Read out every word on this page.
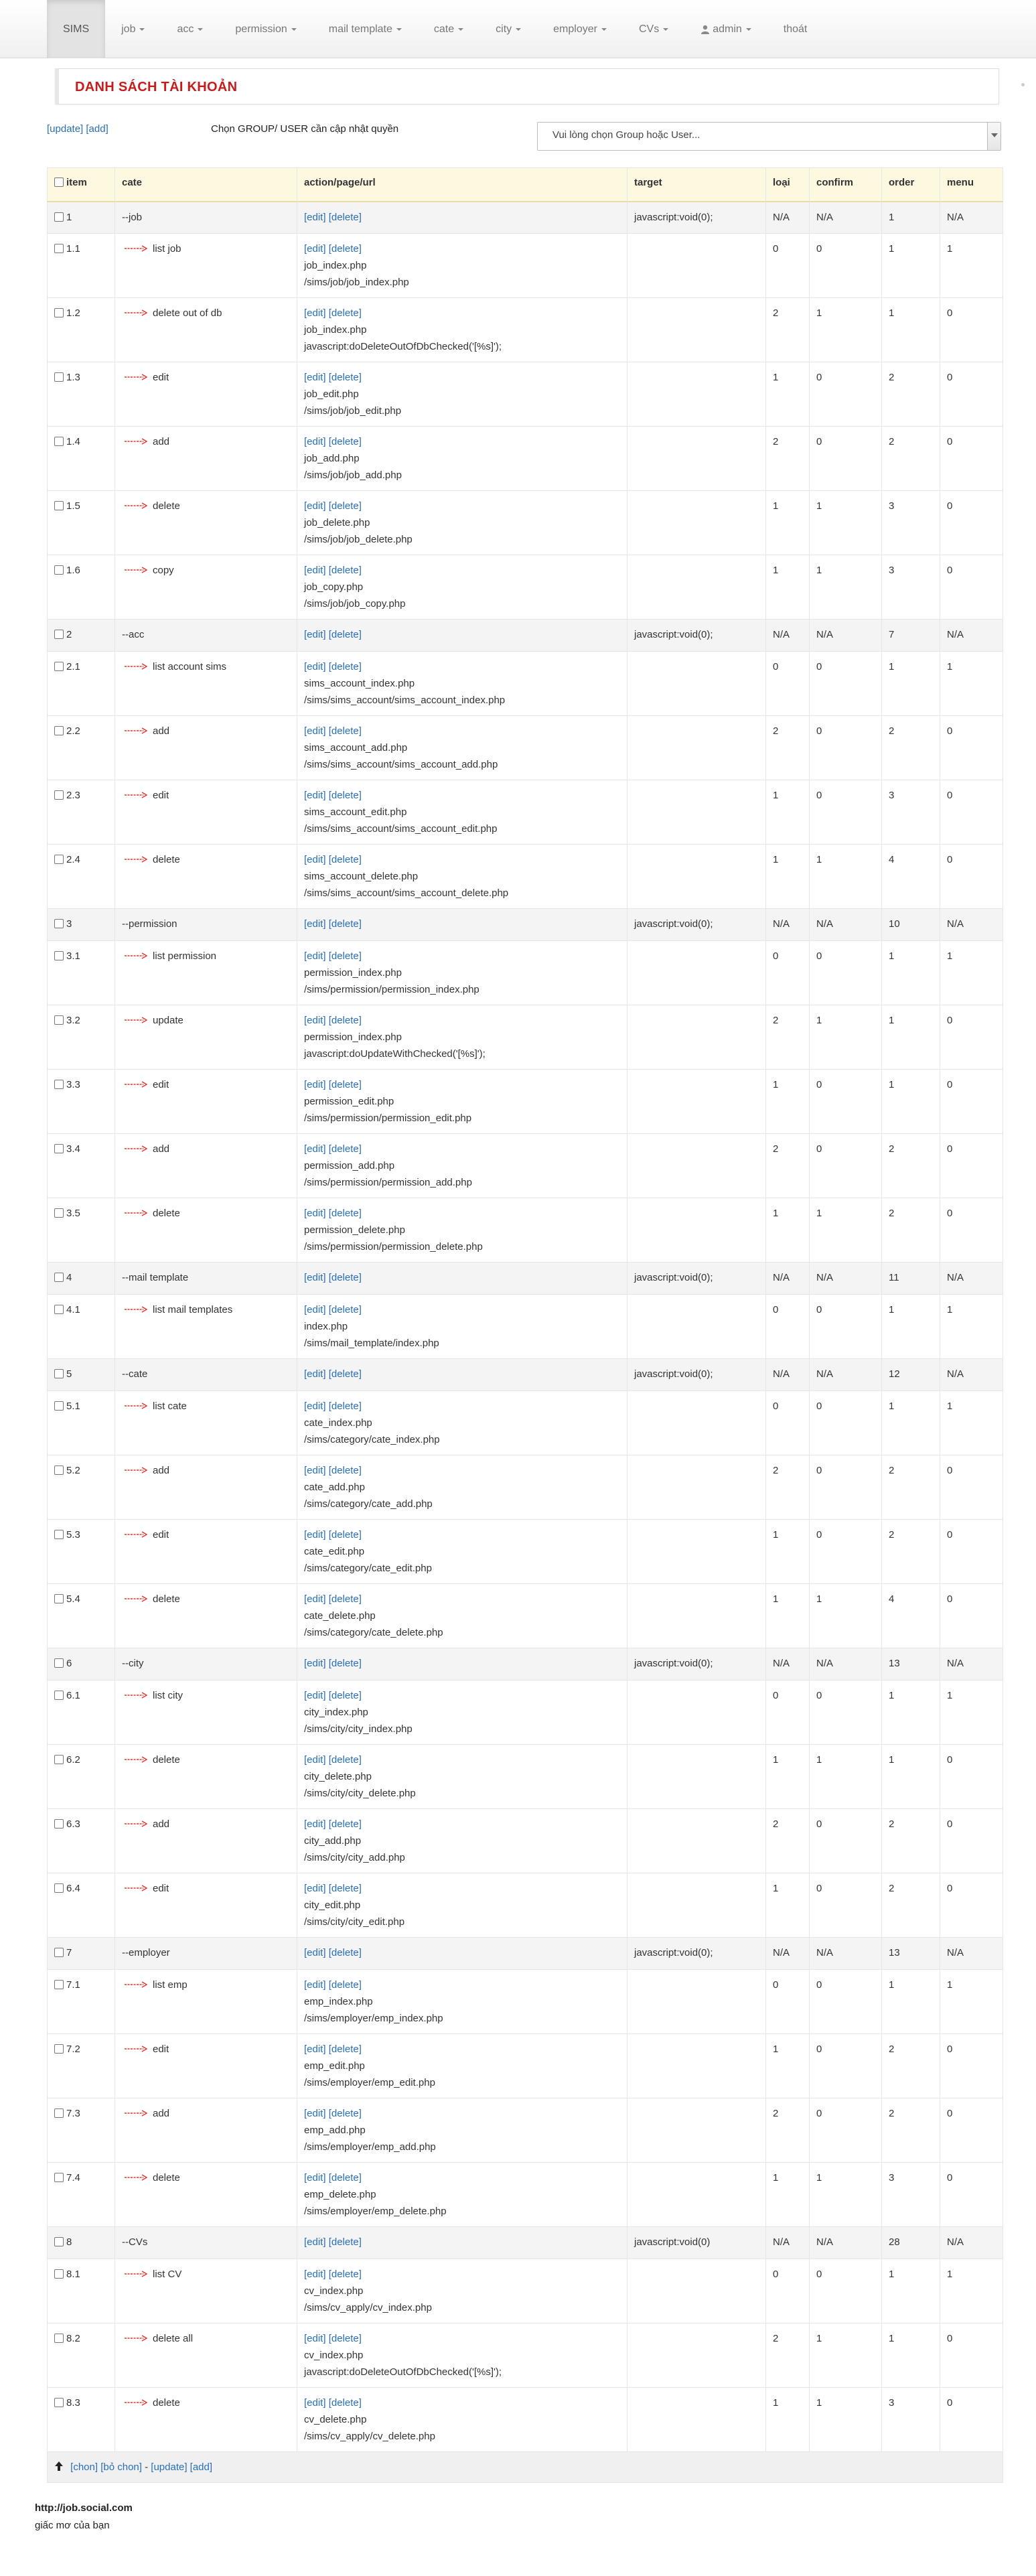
SIMS	job	acc	permission	mail template	cate	city	employer	CVs	admin	thoát
DANH SÁCH TÀI KHOẢN
[update] [add]	Chọn GROUP/ USER cần cập nhật quyền
Vui lòng chọn Group hoặc User...
item	cate	action/page/url	target	loại	confirm	order	menu
1	--job	[edit] [delete]	javascript:void(0);	N/A	N/A	1	N/A
1.1	list job	[edit] [delete]
job_index.php
/sims/job/job_index.php		0	0	1	1
1.2	delete out of db	[edit] [delete]
job_index.php
javascript:doDeleteOutOfDbChecked('[%s]');		2	1	1	0
1.3	edit	[edit] [delete]
job_edit.php
/sims/job/job_edit.php		1	0	2	0
1.4	add	[edit] [delete]
job_add.php
/sims/job/job_add.php		2	0	2	0
1.5	delete	[edit] [delete]
job_delete.php
/sims/job/job_delete.php		1	1	3	0
1.6	copy	[edit] [delete]
job_copy.php
/sims/job/job_copy.php		1	1	3	0
2	--acc	[edit] [delete]	javascript:void(0);	N/A	N/A	7	N/A
2.1	list account sims	[edit] [delete]
sims_account_index.php
/sims/sims_account/sims_account_index.php		0	0	1	1
2.2	add	[edit] [delete]
sims_account_add.php
/sims/sims_account/sims_account_add.php		2	0	2	0
2.3	edit	[edit] [delete]
sims_account_edit.php
/sims/sims_account/sims_account_edit.php		1	0	3	0
2.4	delete	[edit] [delete]
sims_account_delete.php
/sims/sims_account/sims_account_delete.php		1	1	4	0
3	--permission	[edit] [delete]	javascript:void(0);	N/A	N/A	10	N/A
3.1	list permission	[edit] [delete]
permission_index.php
/sims/permission/permission_index.php		0	0	1	1
3.2	update	[edit] [delete]
permission_index.php
javascript:doUpdateWithChecked('[%s]');		2	1	1	0
3.3	edit	[edit] [delete]
permission_edit.php
/sims/permission/permission_edit.php		1	0	1	0
3.4	add	[edit] [delete]
permission_add.php
/sims/permission/permission_add.php		2	0	2	0
3.5	delete	[edit] [delete]
permission_delete.php
/sims/permission/permission_delete.php		1	1	2	0
4	--mail template	[edit] [delete]	javascript:void(0);	N/A	N/A	11	N/A
4.1	list mail templates	[edit] [delete]
index.php
/sims/mail_template/index.php		0	0	1	1
5	--cate	[edit] [delete]	javascript:void(0);	N/A	N/A	12	N/A
5.1	list cate	[edit] [delete]
cate_index.php
/sims/category/cate_index.php		0	0	1	1
5.2	add	[edit] [delete]
cate_add.php
/sims/category/cate_add.php		2	0	2	0
5.3	edit	[edit] [delete]
cate_edit.php
/sims/category/cate_edit.php		1	0	2	0
5.4	delete	[edit] [delete]
cate_delete.php
/sims/category/cate_delete.php		1	1	4	0
6	--city	[edit] [delete]	javascript:void(0);	N/A	N/A	13	N/A
6.1	list city	[edit] [delete]
city_index.php
/sims/city/city_index.php		0	0	1	1
6.2	delete	[edit] [delete]
city_delete.php
/sims/city/city_delete.php		1	1	1	0
6.3	add	[edit] [delete]
city_add.php
/sims/city/city_add.php		2	0	2	0
6.4	edit	[edit] [delete]
city_edit.php
/sims/city/city_edit.php		1	0	2	0
7	--employer	[edit] [delete]	javascript:void(0);	N/A	N/A	13	N/A
7.1	list emp	[edit] [delete]
emp_index.php
/sims/employer/emp_index.php		0	0	1	1
7.2	edit	[edit] [delete]
emp_edit.php
/sims/employer/emp_edit.php		1	0	2	0
7.3	add	[edit] [delete]
emp_add.php
/sims/employer/emp_add.php		2	0	2	0
7.4	delete	[edit] [delete]
emp_delete.php
/sims/employer/emp_delete.php		1	1	3	0
8	--CVs	[edit] [delete]	javascript:void(0)	N/A	N/A	28	N/A
8.1	list CV	[edit] [delete]
cv_index.php
/sims/cv_apply/cv_index.php		0	0	1	1
8.2	delete all	[edit] [delete]
cv_index.php
javascript:doDeleteOutOfDbChecked('[%s]');		2	1	1	0
8.3	delete	[edit] [delete]
cv_delete.php
/sims/cv_apply/cv_delete.php		1	1	3	0
[chon] [bỏ chon] - [update] [add]							
http://job.social.com
giấc mơ của bạn
